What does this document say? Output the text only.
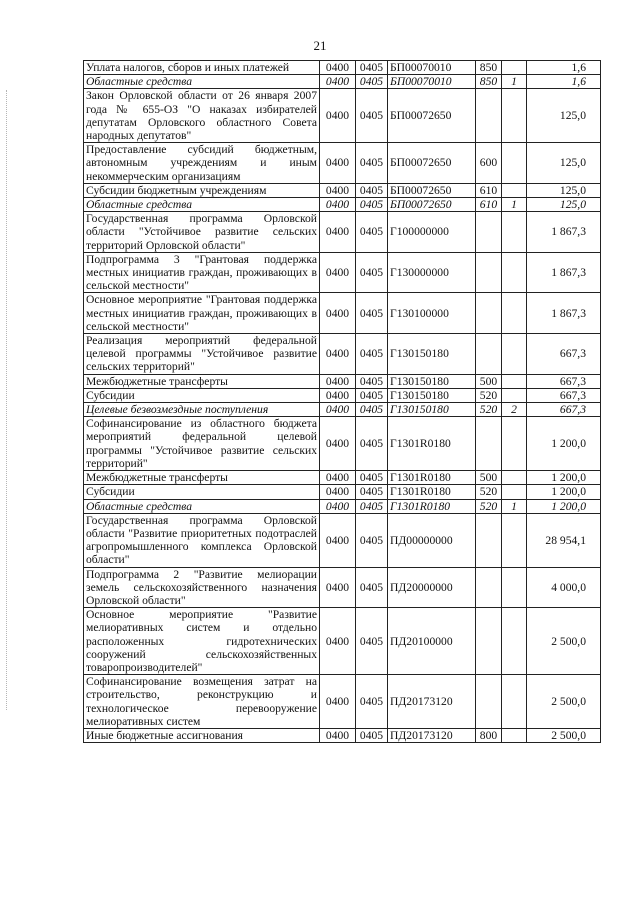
21
Уплата налогов, сборов и иных платежей	0400	0405	БП00070010	850		1,6
Областные средства	0400	0405	БП00070010	850	1	1,6
Закон Орловской области от 26 января 2007 года № 655-ОЗ "О наказах избирателей депутатам Орловского областного Совета народных депутатов"	0400	0405	БП00072650			125,0
Предоставление субсидий бюджетным, автономным учреждениям и иным некоммерческим организациям	0400	0405	БП00072650	600		125,0
Субсидии бюджетным учреждениям	0400	0405	БП00072650	610		125,0
Областные средства	0400	0405	БП00072650	610	1	125,0
Государственная программа Орловской области "Устойчивое развитие сельских территорий Орловской области"	0400	0405	Г100000000			1 867,3
Подпрограмма 3 "Грантовая поддержка местных инициатив граждан, проживающих в сельской местности"	0400	0405	Г130000000			1 867,3
Основное мероприятие "Грантовая поддержка местных инициатив граждан, проживающих в сельской местности"	0400	0405	Г130100000			1 867,3
Реализация мероприятий федеральной целевой программы "Устойчивое развитие сельских территорий"	0400	0405	Г130150180			667,3
Межбюджетные трансферты	0400	0405	Г130150180	500		667,3
Субсидии	0400	0405	Г130150180	520		667,3
Целевые безвозмездные поступления	0400	0405	Г130150180	520	2	667,3
Софинансирование из областного бюджета мероприятий федеральной целевой программы "Устойчивое развитие сельских территорий"	0400	0405	Г1301R0180			1 200,0
Межбюджетные трансферты	0400	0405	Г1301R0180	500		1 200,0
Субсидии	0400	0405	Г1301R0180	520		1 200,0
Областные средства	0400	0405	Г1301R0180	520	1	1 200,0
Государственная программа Орловской области "Развитие приоритетных подотраслей агропромышленного комплекса Орловской области"	0400	0405	ПД00000000			28 954,1
Подпрограмма 2 "Развитие мелиорации земель сельскохозяйственного назначения Орловской области"	0400	0405	ПД20000000			4 000,0
Основное мероприятие "Развитие мелиоративных систем и отдельно расположенных гидротехнических сооружений сельскохозяйственных товаропроизводителей"	0400	0405	ПД20100000			2 500,0
Софинансирование возмещения затрат на строительство, реконструкцию и технологическое перевооружение мелиоративных систем	0400	0405	ПД20173120			2 500,0
Иные бюджетные ассигнования	0400	0405	ПД20173120	800		2 500,0
